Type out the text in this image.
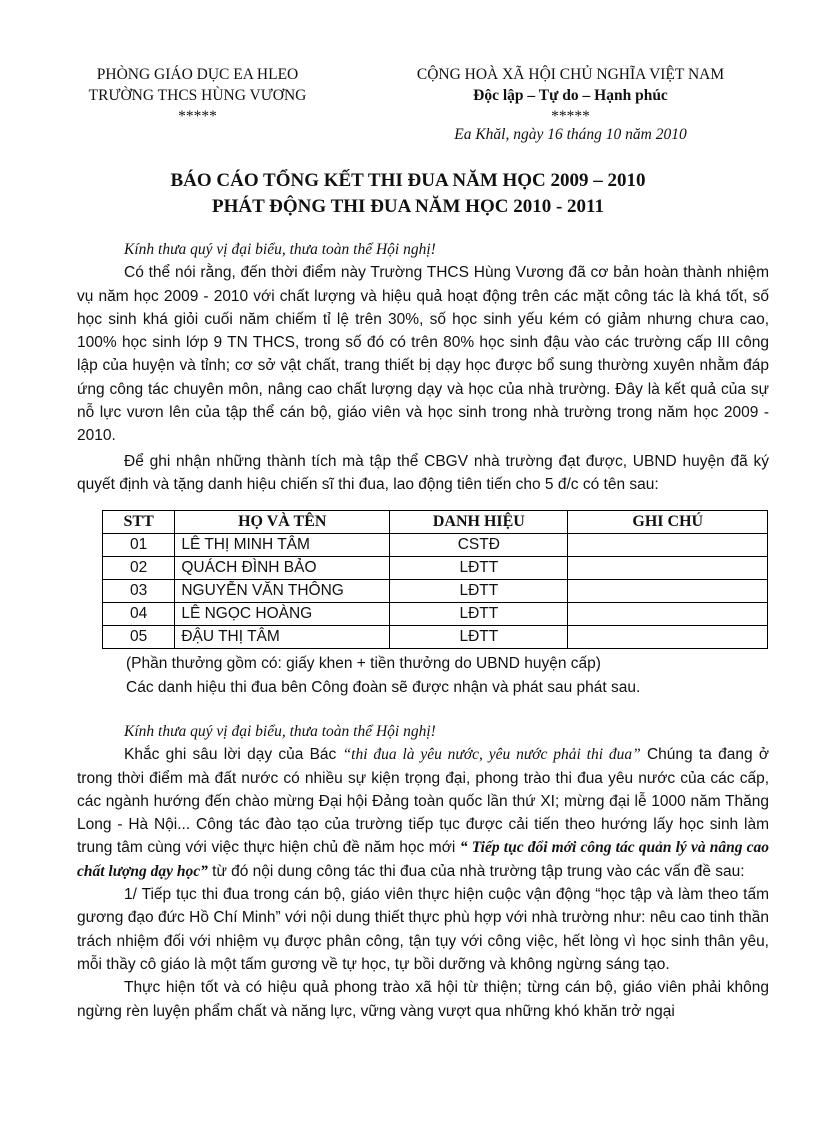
PHÒNG GIÁO DỤC EA HLEO
TRƯỜNG THCS HÙNG VƯƠNG
*****
CỘNG HOÀ XÃ HỘI CHỦ NGHĨA VIỆT NAM
Độc lập – Tự do – Hạnh phúc
*****
Ea Khăl, ngày 16 tháng 10 năm 2010
BÁO CÁO TỔNG KẾT THI ĐUA NĂM HỌC 2009 – 2010
PHÁT ĐỘNG THI ĐUA NĂM HỌC 2010 - 2011

Kính thưa quý vị đại biểu, thưa toàn thể Hội nghị!

Có thể nói rằng, đến thời điểm này Trường THCS Hùng Vương đã cơ bản hoàn thành nhiệm vụ năm học 2009 - 2010 với chất lượng và hiệu quả hoạt động trên các mặt công tác là khá tốt, số học sinh khá giỏi cuối năm chiếm tỉ lệ trên 30%, số học sinh yếu kém có giảm nhưng chưa cao, 100% học sinh lớp 9 TN THCS, trong số đó có trên 80% học sinh đậu vào các trường cấp III công lập của huyện và tỉnh; cơ sở vật chất, trang thiết bị dạy học được bổ sung thường xuyên nhằm đáp ứng công tác chuyên môn, nâng cao chất lượng dạy và học của nhà trường. Đây là kết quả của sự nỗ lực vươn lên của tập thể cán bộ, giáo viên và học sinh trong nhà trường trong năm học 2009 - 2010.

Để ghi nhận những thành tích mà tập thể CBGV nhà trường đạt được, UBND huyện đã ký quyết định và tặng danh hiệu chiến sĩ thi đua, lao động tiên tiến cho 5 đ/c có tên sau:

STT	HỌ VÀ TÊN	DANH HIỆU	GHI CHÚ
01	LÊ THỊ MINH TÂM	CSTĐ	
02	QUÁCH ĐÌNH BẢO	LĐTT	
03	NGUYỄN VĂN THÔNG	LĐTT	
04	LÊ NGỌC HOÀNG	LĐTT	
05	ĐẬU THỊ TÂM	LĐTT	
(Phần thưởng gồm có: giấy khen + tiền thưởng do UBND huyện cấp)
Các danh hiệu thi đua bên Công đoàn sẽ được nhận và phát sau phát sau.

Kính thưa quý vị đại biểu, thưa toàn thể Hội nghị!

Khắc ghi sâu lời dạy của Bác “thi đua là yêu nước, yêu nước phải thi đua” Chúng ta đang ở trong thời điểm mà đất nước có nhiều sự kiện trọng đại, phong trào thi đua yêu nước của các cấp, các ngành hướng đến chào mừng Đại hội Đảng toàn quốc lần thứ XI; mừng đại lễ 1000 năm Thăng Long - Hà Nội... Công tác đào tạo của trường tiếp tục được cải tiến theo hướng lấy học sinh làm trung tâm cùng với việc thực hiện chủ đề năm học mới “ Tiếp tục đổi mới công tác quản lý và nâng cao chất lượng dạy học” từ đó nội dung công tác thi đua của nhà trường tập trung vào các vấn đề sau:

1/ Tiếp tục thi đua trong cán bộ, giáo viên thực hiện cuộc vận động “học tập và làm theo tấm gương đạo đức Hồ Chí Minh” với nội dung thiết thực phù hợp với nhà trường như: nêu cao tinh thần trách nhiệm đối với nhiệm vụ được phân công, tận tụy với công việc, hết lòng vì học sinh thân yêu, mỗi thầy cô giáo là một tấm gương về tự học, tự bồi dưỡng và không ngừng sáng tạo.

Thực hiện tốt và có hiệu quả phong trào xã hội từ thiện; từng cán bộ, giáo viên phải không ngừng rèn luyện phẩm chất và năng lực, vững vàng vượt qua những khó khăn trở ngại
